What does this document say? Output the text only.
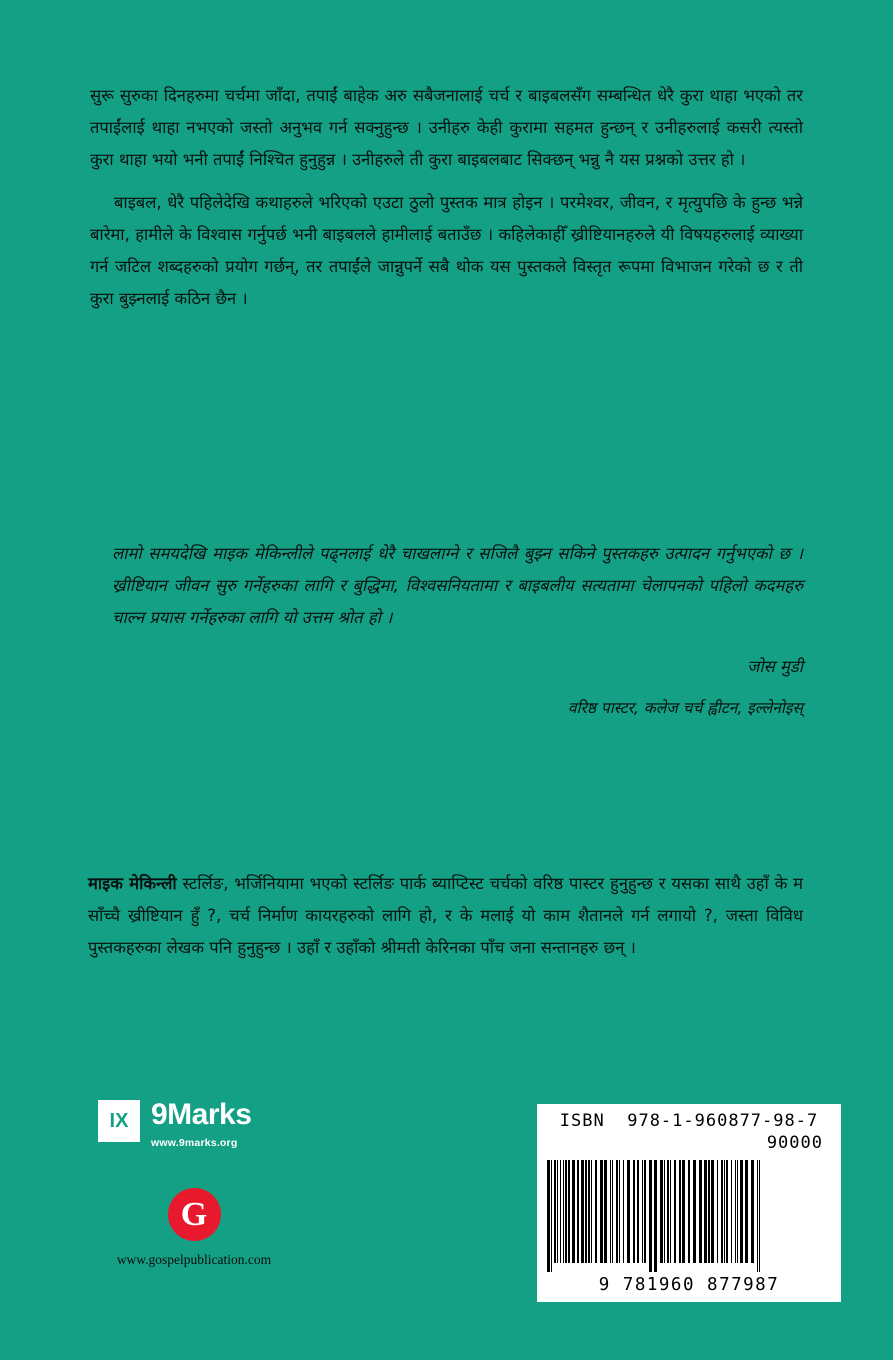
सुरू सुरुका दिनहरुमा चर्चमा जाँदा, तपाईं बाहेक अरु सबैजनालाई चर्च र बाइबलसँग सम्बन्धित धेरै कुरा थाहा भएको तर तपाईंलाई थाहा नभएको जस्तो अनुभव गर्न सक्नुहुन्छ । उनीहरु केही कुरामा सहमत हुन्छन् र उनीहरुलाई कसरी त्यस्तो कुरा थाहा भयो भनी तपाईं निश्चित हुनुहुन्न । उनीहरुले ती कुरा बाइबलबाट सिक्छन् भन्नु नै यस प्रश्नको उत्तर हो ।

बाइबल, धेरै पहिलेदेखि कथाहरुले भरिएको एउटा ठुलो पुस्तक मात्र होइन । परमेश्वर, जीवन, र मृत्युपछि के हुन्छ भन्ने बारेमा, हामीले के विश्वास गर्नुपर्छ भनी बाइबलले हामीलाई बताउँछ । कहिलेकाहीँ ख्रीष्टियानहरुले यी विषयहरुलाई व्याख्या गर्न जटिल शब्दहरुको प्रयोग गर्छन्, तर तपाईंले जान्नुपर्ने सबै थोक यस पुस्तकले विस्तृत रूपमा विभाजन गरेको छ र ती कुरा बुझ्नलाई कठिन छैन ।

लामो समयदेखि माइक मेकिन्लीले पढ्नलाई धेरै चाखलाग्ने र सजिलै बुझ्न सकिने पुस्तकहरु उत्पादन गर्नुभएको छ । ख्रीष्टियान जीवन सुरु गर्नेहरुका लागि र बुद्धिमा, विश्वसनियतामा र बाइबलीय सत्यतामा चेलापनको पहिलो कदमहरु चाल्न प्रयास गर्नेहरुका लागि यो उत्तम श्रोत हो ।
जोस मुडी
वरिष्ठ पास्टर, कलेज चर्च ह्वीटन, इल्लेनोइस्

माइक मेकिन्ली स्टर्लिङ, भर्जिनियामा भएको स्टर्लिङ पार्क ब्याप्टिस्ट चर्चको वरिष्ठ पास्टर हुनुहुन्छ र यसका साथै उहाँ के म साँच्चै ख्रीष्टियान हुँ ?, चर्च निर्माण कायरहरुको लागि हो, र के मलाई यो काम शैतानले गर्न लगायो ?, जस्ता विविध पुस्तकहरुका लेखक पनि हुनुहुन्छ । उहाँ र उहाँको श्रीमती केरिनका पाँच जना सन्तानहरु छन् ।

IX 9Marks
www.9marks.org
G
www.gospelpublication.com
ISBN 978-1-960877-98-7
90000
9 781960 877987
